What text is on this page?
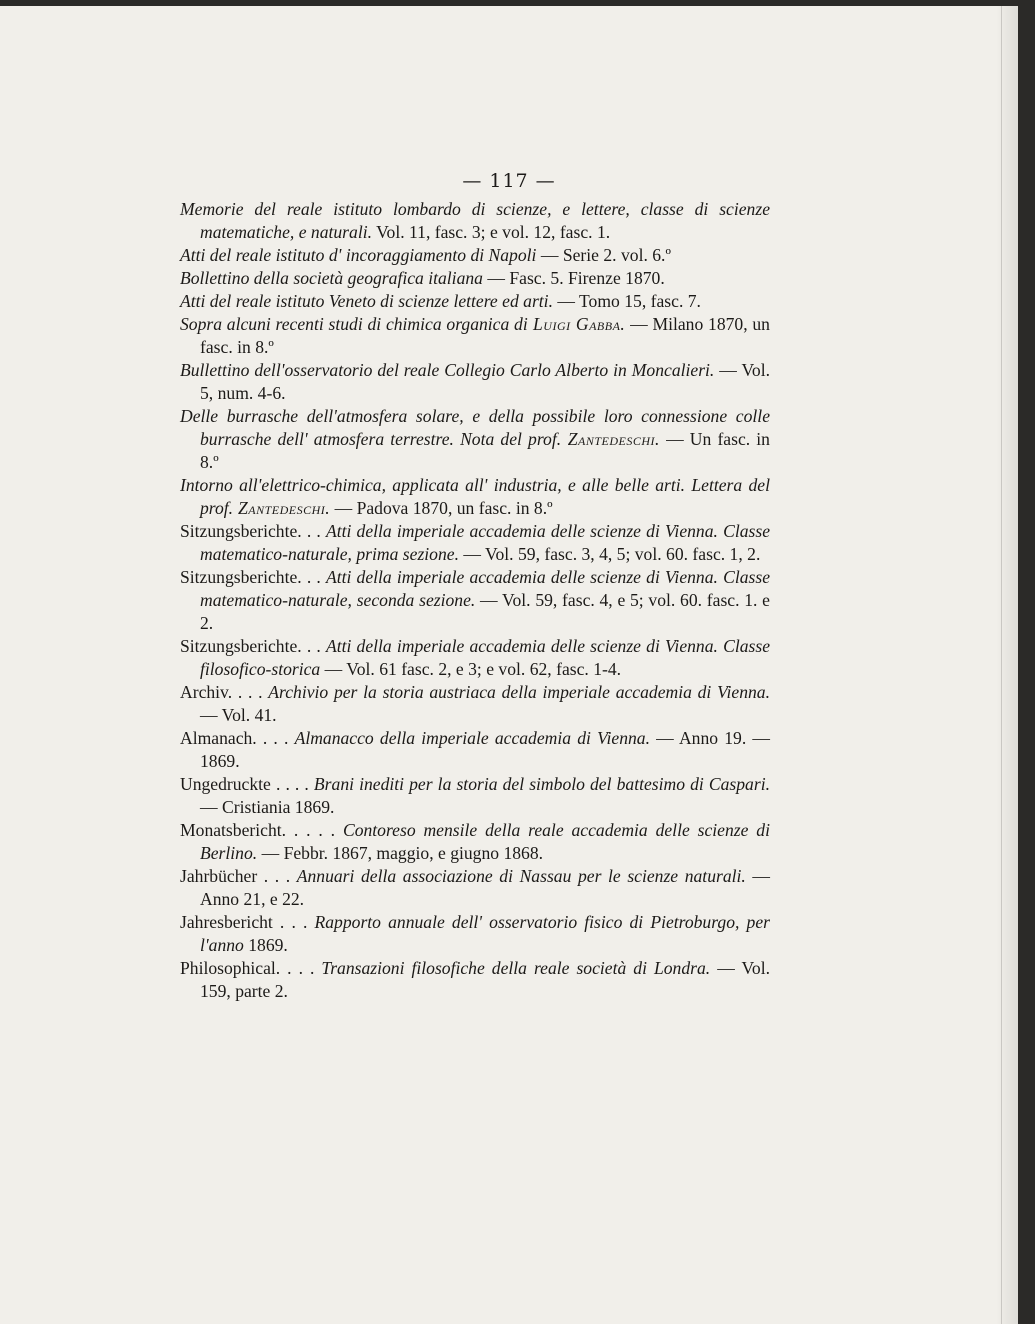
— 117 —

Memorie del reale istituto lombardo di scienze, e lettere, classe di scienze matematiche, e naturali. Vol. 11, fasc. 3; e vol. 12, fasc. 1.

Atti del reale istituto d' incoraggiamento di Napoli — Serie 2. vol. 6.º

Bollettino della società geografica italiana — Fasc. 5. Firenze 1870.

Atti del reale istituto Veneto di scienze lettere ed arti. — Tomo 15, fasc. 7.

Sopra alcuni recenti studi di chimica organica di Luigi Gabba. — Milano 1870, un fasc. in 8.º

Bullettino dell'osservatorio del reale Collegio Carlo Alberto in Moncalieri. — Vol. 5, num. 4-6.

Delle burrasche dell'atmosfera solare, e della possibile loro connessione colle burrasche dell' atmosfera terrestre. Nota del prof. Zantedeschi. — Un fasc. in 8.º

Intorno all'elettrico-chimica, applicata all' industria, e alle belle arti. Lettera del prof. Zantedeschi. — Padova 1870, un fasc. in 8.º

Sitzungsberichte. . . Atti della imperiale accademia delle scienze di Vienna. Classe matematico-naturale, prima sezione. — Vol. 59, fasc. 3, 4, 5; vol. 60. fasc. 1, 2.

Sitzungsberichte. . . Atti della imperiale accademia delle scienze di Vienna. Classe matematico-naturale, seconda sezione. — Vol. 59, fasc. 4, e 5; vol. 60. fasc. 1. e 2.

Sitzungsberichte. . . Atti della imperiale accademia delle scienze di Vienna. Classe filosofico-storica — Vol. 61 fasc. 2, e 3; e vol. 62, fasc. 1-4.

Archiv. . . . Archivio per la storia austriaca della imperiale accademia di Vienna. — Vol. 41.

Almanach. . . . Almanacco della imperiale accademia di Vienna. — Anno 19. — 1869.

Ungedruckte . . . . Brani inediti per la storia del simbolo del battesimo di Caspari. — Cristiania 1869.

Monatsbericht. . . . . Contoreso mensile della reale accademia delle scienze di Berlino. — Febbr. 1867, maggio, e giugno 1868.

Jahrbücher . . . Annuari della associazione di Nassau per le scienze naturali. — Anno 21, e 22.

Jahresbericht . . . Rapporto annuale dell' osservatorio fisico di Pietroburgo, per l'anno 1869.

Philosophical. . . . Transazioni filosofiche della reale società di Londra. — Vol. 159, parte 2.
